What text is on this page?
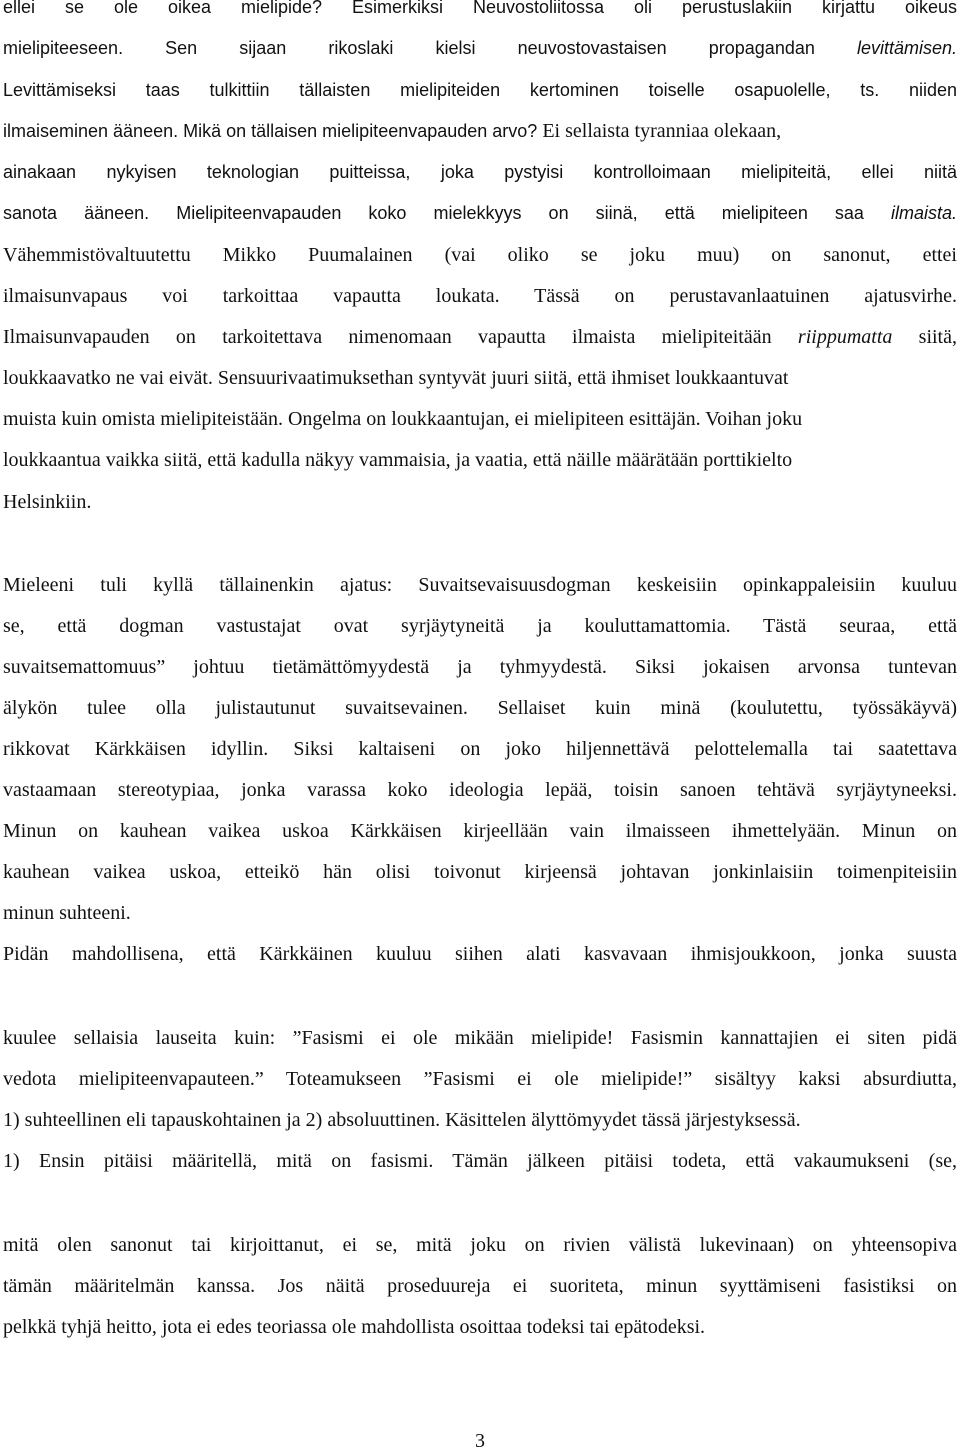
ellei se ole oikea mielipide? Esimerkiksi Neuvostoliitossa oli perustuslakiin kirjattu oikeus
mielipiteeseen. Sen sijaan rikoslaki kielsi neuvostovastaisen propagandan levittämisen.
Levittämiseksi taas tulkittiin tällaisten mielipiteiden kertominen toiselle osapuolelle, ts. niiden
ilmaiseminen ääneen. Mikä on tällaisen mielipiteenvapauden arvo? Ei sellaista tyranniaa olekaan,
ainakaan nykyisen teknologian puitteissa, joka pystyisi kontrolloimaan mielipiteitä, ellei niitä
sanota ääneen. Mielipiteenvapauden koko mielekkyys on siinä, että mielipiteen saa ilmaista.
Vähemmistövaltuutettu Mikko Puumalainen (vai oliko se joku muu) on sanonut, ettei
ilmaisunvapaus voi tarkoittaa vapautta loukata. Tässä on perustavanlaatuinen ajatusvirhe.
Ilmaisunvapauden on tarkoitettava nimenomaan vapautta ilmaista mielipiteitään riippumatta siitä,
loukkaavatko ne vai eivät. Sensuurivaatimuksethan syntyvät juuri siitä, että ihmiset loukkaantuvat
muista kuin omista mielipiteistään. Ongelma on loukkaantujan, ei mielipiteen esittäjän. Voihan joku
loukkaantua vaikka siitä, että kadulla näkyy vammaisia, ja vaatia, että näille määrätään porttikielto
Helsinkiin.
Mieleeni tuli kyllä tällainenkin ajatus: Suvaitsevaisuusdogman keskeisiin opinkappaleisiin kuuluu
se, että dogman vastustajat ovat syrjäytyneitä ja kouluttamattomia. Tästä seuraa, että
suvaitsemattomuus” johtuu tietämättömyydestä ja tyhmyydestä. Siksi jokaisen arvonsa tuntevan
älykön tulee olla julistautunut suvaitsevainen. Sellaiset kuin minä (koulutettu, työssäkäyvä)
rikkovat Kärkkäisen idyllin. Siksi kaltaiseni on joko hiljennettävä pelottelemalla tai saatettava
vastaamaan stereotypiaa, jonka varassa koko ideologia lepää, toisin sanoen tehtävä syrjäytyneeksi.
Minun on kauhean vaikea uskoa Kärkkäisen kirjeellään vain ilmaisseen ihmettelyään. Minun on
kauhean vaikea uskoa, etteikö hän olisi toivonut kirjeensä johtavan jonkinlaisiin toimenpiteisiin
minun suhteeni.
Pidän mahdollisena, että Kärkkäinen kuuluu siihen alati kasvavaan ihmisjoukkoon, jonka suusta
kuulee sellaisia lauseita kuin: ”Fasismi ei ole mikään mielipide! Fasismin kannattajien ei siten pidä
vedota mielipiteenvapauteen.” Toteamukseen ”Fasismi ei ole mielipide!” sisältyy kaksi absurdiutta,
1) suhteellinen eli tapauskohtainen ja 2) absoluuttinen. Käsittelen älyttömyydet tässä järjestyksessä.
1) Ensin pitäisi määritellä, mitä on fasismi. Tämän jälkeen pitäisi todeta, että vakaumukseni (se,
mitä olen sanonut tai kirjoittanut, ei se, mitä joku on rivien välistä lukevinaan) on yhteensopiva
tämän määritelmän kanssa. Jos näitä proseduureja ei suoriteta, minun syyttämiseni fasistiksi on
pelkkä tyhjä heitto, jota ei edes teoriassa ole mahdollista osoittaa todeksi tai epätodeksi.
3
